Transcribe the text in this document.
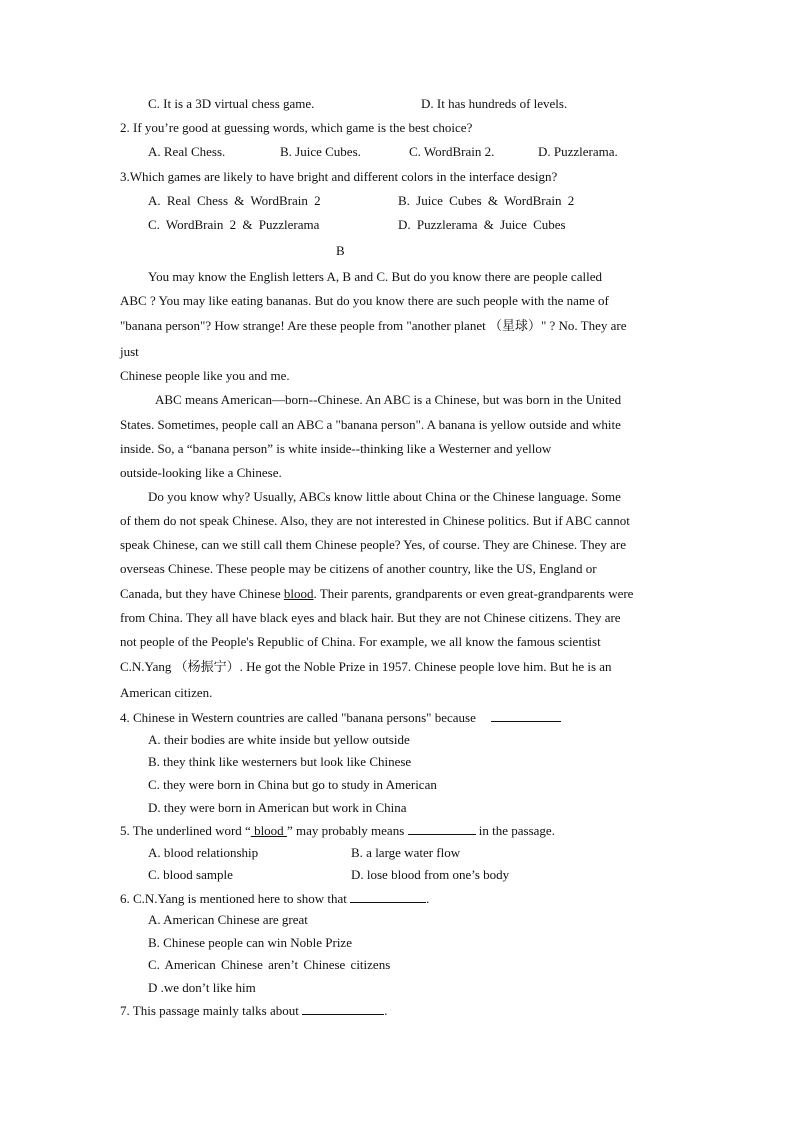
C. It is a 3D virtual chess game.	D. It has hundreds of levels.
2. If you’re good at guessing words, which game is the best choice?
A. Real Chess.	B. Juice Cubes.	C. WordBrain 2.	D. Puzzlerama.
3.Which games are likely to have bright and different colors in the interface design?
A. Real Chess & WordBrain 2	B. Juice Cubes & WordBrain 2
C. WordBrain 2 & Puzzlerama	D. Puzzlerama & Juice Cubes
B
You may know the English letters A, B and C. But do you know there are people called
ABC ? You may like eating bananas. But do you know there are such people with the name of
"banana person"? How strange! Are these people from "another planet （星球）" ? No. They are
just
Chinese people like you and me.
ABC means American—born--Chinese. An ABC is a Chinese, but was born in the United
States. Sometimes, people call an ABC a "banana person". A banana is yellow outside and white
inside. So, a “banana person” is white inside--thinking like a Westerner and yellow
outside-looking like a Chinese.
Do you know why? Usually, ABCs know little about China or the Chinese language. Some
of them do not speak Chinese. Also, they are not interested in Chinese politics. But if ABC cannot
speak Chinese, can we still call them Chinese people? Yes, of course. They are Chinese. They are
overseas Chinese. These people may be citizens of another country, like the US, England or
Canada, but they have Chinese blood. Their parents, grandparents or even great-grandparents were
from China. They all have black eyes and black hair. But they are not Chinese citizens. They are
not people of the People's Republic of China. For example, we all know the famous scientist
C.N.Yang （杨振宁）. He got the Noble Prize in 1957. Chinese people love him. But he is an
American citizen.
4. Chinese in Western countries are called "banana persons" because
A. their bodies are white inside but yellow outside
B. they think like westerners but look like Chinese
C. they were born in China but go to study in American
D. they were born in American but work in China
5. The underlined word “ blood ” may probably means	in the passage.
A. blood relationship	B. a large water flow
C. blood sample	D. lose blood from one’s body
6. C.N.Yang is mentioned here to show that	.
A. American Chinese are great
B. Chinese people can win Noble Prize
C. American Chinese aren’t Chinese citizens
D .we don’t like him
7. This passage mainly talks about	.
